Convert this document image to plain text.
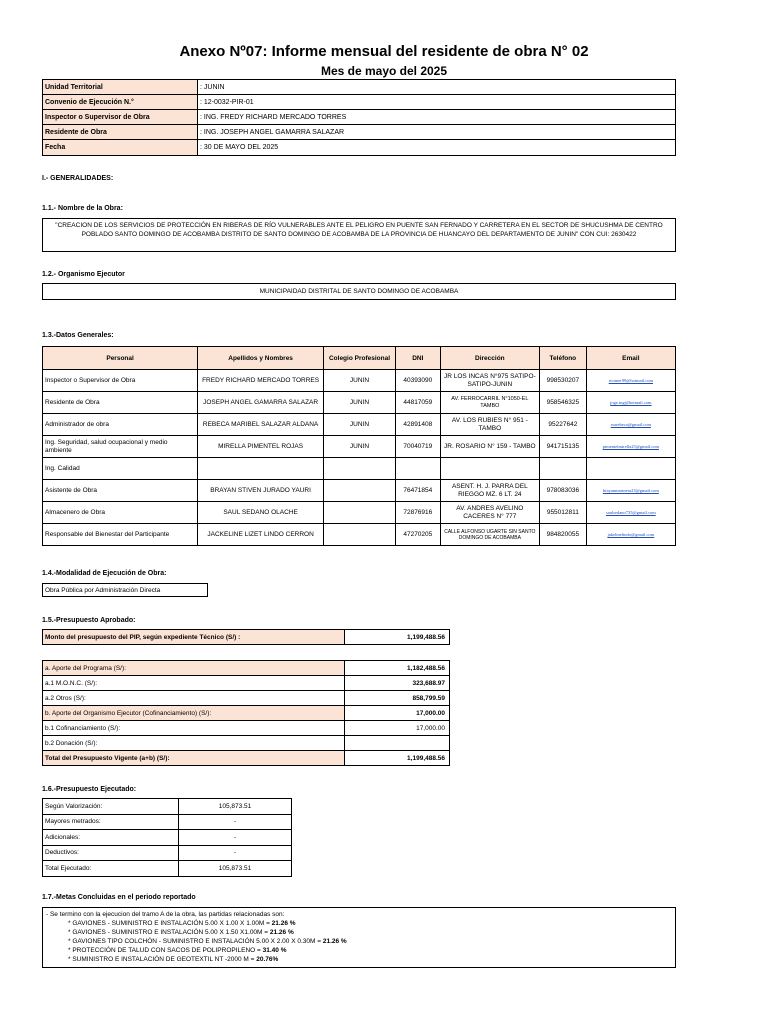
Anexo Nº07: Informe mensual del residente de obra N° 02
Mes de mayo del 2025
Unidad Territorial	: JUNIN
Convenio de Ejecución N.°	: 12-0032-PIR-01
Inspector o Supervisor de Obra	: ING. FREDY RICHARD MERCADO TORRES
Residente de Obra	: ING. JOSEPH ANGEL GAMARRA SALAZAR
Fecha	: 30 DE MAYO DEL 2025
I.- GENERALIDADES:
1.1.- Nombre de la Obra:
"CREACION DE LOS SERVICIOS DE PROTECCIÓN EN RIBERAS DE RÍO VULNERABLES ANTE EL PELIGRO EN PUENTE SAN FERNADO Y CARRETERA EN EL SECTOR DE SHUCUSHMA DE CENTRO POBLADO SANTO DOMINGO DE ACOBAMBA DISTRITO DE SANTO DOMINGO DE ACOBAMBA DE LA PROVINCIA DE HUANCAYO DEL DEPARTAMENTO DE JUNIN" CON CUI: 2630422
1.2.- Organismo Ejecutor
MUNICIPAIDAD DISTRITAL DE SANTO DOMINGO DE ACOBAMBA
1.3.-Datos Generales:
Personal	Apellidos y Nombres	Colegio Profesional	DNI	Dirección	Teléfono	Email
Inspector o Supervisor de Obra	FREDY RICHARD MERCADO TORRES	JUNIN	40393090	JR LOS INCAS N°975 SATIPO-SATIPO-JUNIN	998530207	rictmer99@hotmail.com
Residente de Obra	JOSEPH ANGEL GAMARRA SALAZAR	JUNIN	44817059	AV. FERROCARRIL N°1050-EL TAMBO	958546325	joge.ing@hotmail.com
Administrador de obra	REBECA MARIBEL SALAZAR ALDANA	JUNIN	42891408	AV. LOS RUBIES N° 951 - TAMBO	95227642	rsarebeca@gmail.com
Ing. Seguridad, salud ocupacional y medio ambiente	MIRELLA PIMENTEL ROJAS	JUNIN	70040719	JR. ROSARIO N° 159 - TAMBO	941715135	pimentelmirella25@gmail.com
Ing. Calidad						
Asistente de Obra	BRAYAN STIVEN JURADO YAURI		76471854	ASENT. H. J. PARRA DEL RIEGGO MZ. 6 LT. 24	978083036	brayanmarinera23@gmail.com
Almacenero de Obra	SAUL SEDANO OLACHE		72876916	AV. ANDRES AVELINO CACERES N° 777	955012811	saulsedano735@gmail.com
Responsable del Bienestar del Participante	JACKELINE LIZET LINDO CERRON		47270205	CALLE ALFONSO UGARTE SIN SANTO DOMINGO DE ACOBAMBA	984820055	jakelinelindo@gmail.com
1.4.-Modalidad de Ejecución de Obra:
Obra Pública por Administración Directa
1.5.-Presupuesto Aprobado:
Monto del presupuesto del PIP, según expediente Técnico (S/) :	1,199,488.56
a. Aporte del Programa (S/):	1,182,488.56
a.1 M.O.N.C. (S/):	323,688.97
a.2 Otros (S/):	858,799.59
b. Aporte del Organismo Ejecutor (Cofinanciamiento) (S/):	17,000.00
b.1 Cofinanciamiento (S/):	17,000.00
b.2 Donación (S/):	
Total del Presupuesto Vigente (a+b) (S/):	1,199,488.56
1.6.-Presupuesto Ejecutado:
Según Valorización:	105,873.51
Mayores metrados:	-
Adicionales:	-
Deductivos:	-
Total Ejecutado:	105,873.51
1.7.-Metas Concluidas en el periodo reportado
- Se termino con la ejecucion del tramo A de la obra, las partidas relacionadas son:
* GAVIONES - SUMINISTRO E INSTALACIÓN 5.00 X 1.00 X 1.00M = 21.26 %
* GAVIONES - SUMINISTRO E INSTALACIÓN 5.00 X 1.50 X1.00M = 21.26 %
* GAVIONES TIPO COLCHÓN - SUMINISTRO E INSTALACIÓN 5.00 X 2.00 X 0.30M = 21.26 %
* PROTECCIÓN DE TALUD CON SACOS DE POLIPROPILENO = 31.40 %
* SUMINISTRO E INSTALACIÓN DE GEOTEXTIL NT -2000 M = 20.76%
